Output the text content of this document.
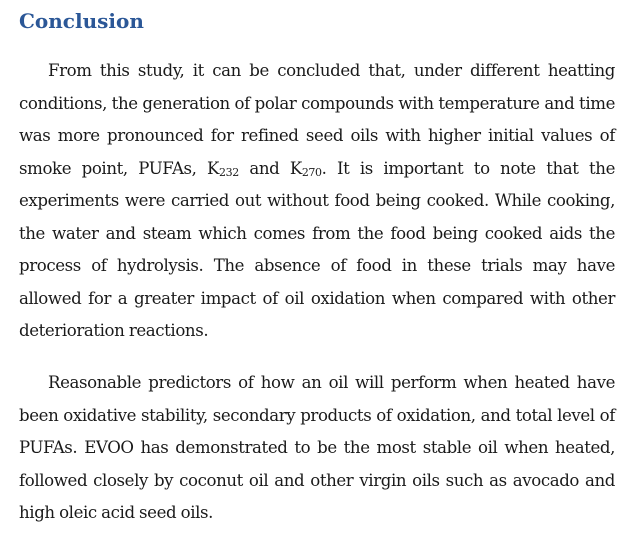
Conclusion

From this study, it can be concluded that, under different heatting conditions, the generation of polar compounds with temperature and time was more pronounced for refined seed oils with higher initial values of smoke point, PUFAs, $K_{232}$ and $K_{270}$. It is important to note that the experiments were carried out without food being cooked. While cooking, the water and steam which comes from the food being cooked aids the process of hydrolysis. The absence of food in these trials may have allowed for a greater impact of oil oxidation when compared with other deterioration reactions.

Reasonable predictors of how an oil will perform when heated have been oxidative stability, secondary products of oxidation, and total level of PUFAs. EVOO has demonstrated to be the most stable oil when heated, followed closely by coconut oil and other virgin oils such as avocado and high oleic acid seed oils.
